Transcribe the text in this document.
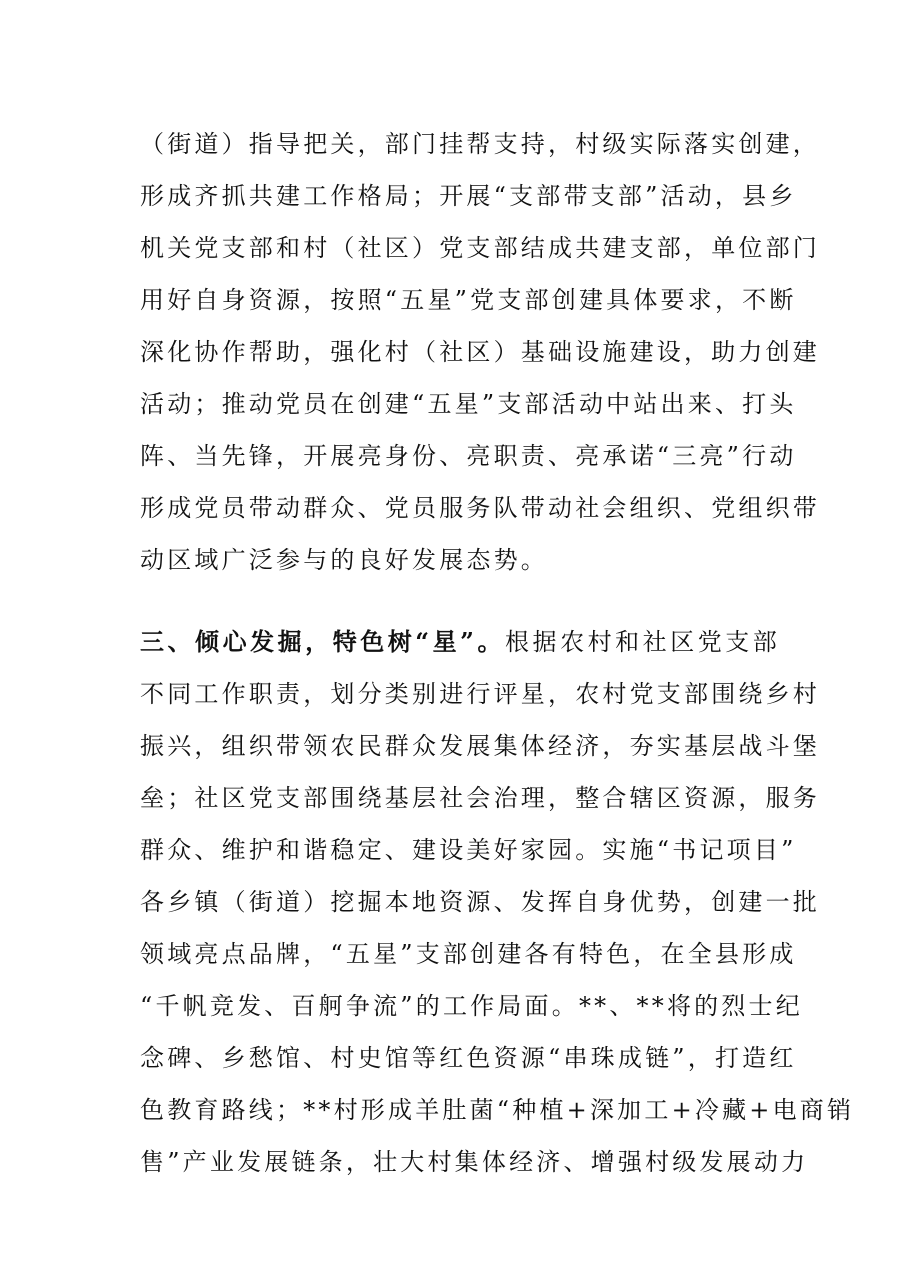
（街道）指导把关，部门挂帮支持，村级实际落实创建，
形成齐抓共建工作格局；开展“支部带支部”活动，县乡
机关党支部和村（社区）党支部结成共建支部，单位部门
用好自身资源，按照“五星”党支部创建具体要求，不断
深化协作帮助，强化村（社区）基础设施建设，助力创建
活动；推动党员在创建“五星”支部活动中站出来、打头
阵、当先锋，开展亮身份、亮职责、亮承诺“三亮”行动
形成党员带动群众、党员服务队带动社会组织、党组织带
动区域广泛参与的良好发展态势。
三、倾心发掘，特色树“星”。根据农村和社区党支部
不同工作职责，划分类别进行评星，农村党支部围绕乡村
振兴，组织带领农民群众发展集体经济，夯实基层战斗堡
垒；社区党支部围绕基层社会治理，整合辖区资源，服务
群众、维护和谐稳定、建设美好家园。实施“书记项目”
各乡镇（街道）挖掘本地资源、发挥自身优势，创建一批
领域亮点品牌，“五星”支部创建各有特色，在全县形成
“千帆竞发、百舸争流”的工作局面。**、**将的烈士纪
念碑、乡愁馆、村史馆等红色资源“串珠成链”，打造红
色教育路线；**村形成羊肚菌“种植+深加工+冷藏+电商销
售”产业发展链条，壮大村集体经济、增强村级发展动力
